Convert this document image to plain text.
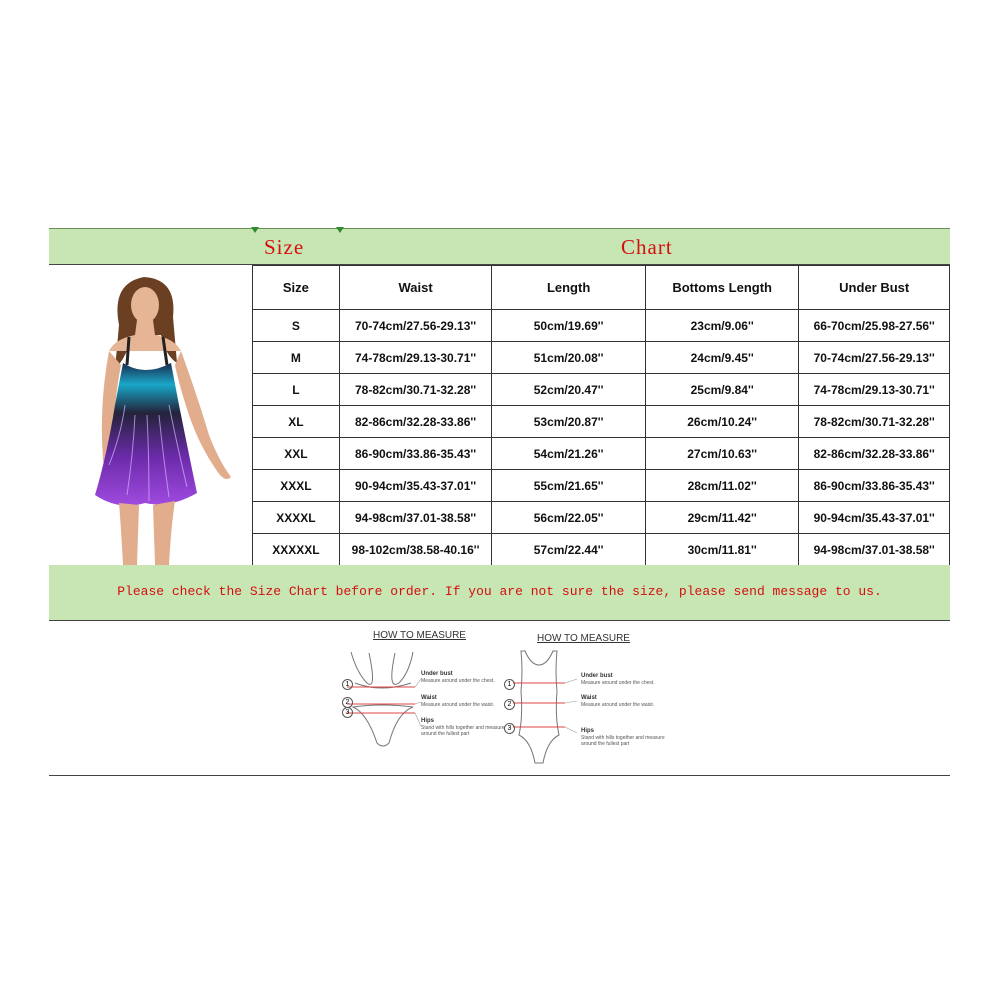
Size	Chart
Size	Waist	Length	Bottoms Length	Under Bust
S	70-74cm/27.56-29.13''	50cm/19.69''	23cm/9.06''	66-70cm/25.98-27.56''
M	74-78cm/29.13-30.71''	51cm/20.08''	24cm/9.45''	70-74cm/27.56-29.13''
L	78-82cm/30.71-32.28''	52cm/20.47''	25cm/9.84''	74-78cm/29.13-30.71''
XL	82-86cm/32.28-33.86''	53cm/20.87''	26cm/10.24''	78-82cm/30.71-32.28''
XXL	86-90cm/33.86-35.43''	54cm/21.26''	27cm/10.63''	82-86cm/32.28-33.86''
XXXL	90-94cm/35.43-37.01''	55cm/21.65''	28cm/11.02''	86-90cm/33.86-35.43''
XXXXL	94-98cm/37.01-38.58''	56cm/22.05''	29cm/11.42''	90-94cm/35.43-37.01''
XXXXXL	98-102cm/38.58-40.16''	57cm/22.44''	30cm/11.81''	94-98cm/37.01-38.58''
Please check the Size Chart before order. If you are not sure the size, please send message to us.
HOW TO MEASURE	HOW TO MEASURE
1
2
3
Under bust
Measure around under the chest.
Waist
Measure around under the waist.
Hips
Stand with hills together and measure around the fullest part
1
2
3
Under bust
Measure around under the chest.
Waist
Measure around under the waist.
Hips
Stand with hills together and measure around the fullest part
